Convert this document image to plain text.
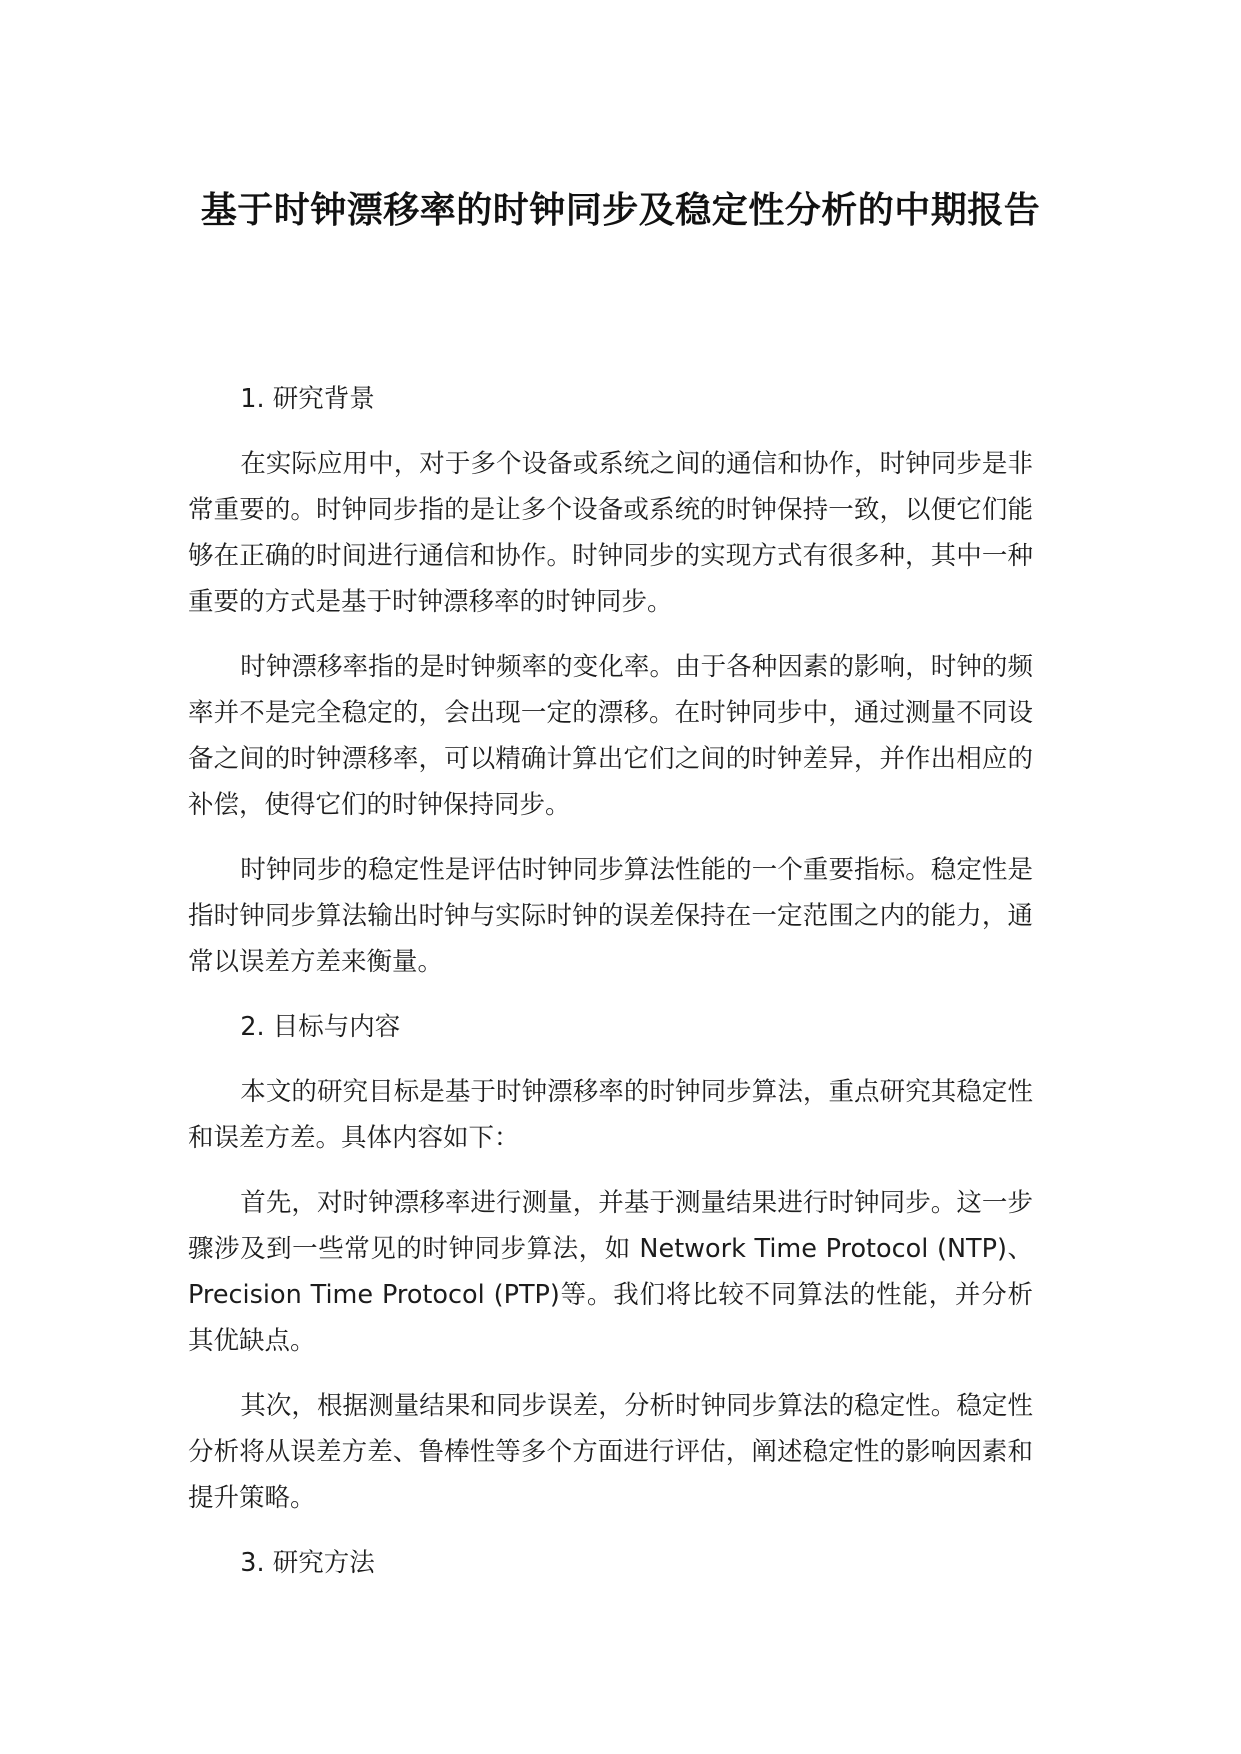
基于时钟漂移率的时钟同步及稳定性分析的中期报告

1. 研究背景

在实际应用中，对于多个设备或系统之间的通信和协作，时钟同步是非常重要的。时钟同步指的是让多个设备或系统的时钟保持一致，以便它们能够在正确的时间进行通信和协作。时钟同步的实现方式有很多种，其中一种重要的方式是基于时钟漂移率的时钟同步。

时钟漂移率指的是时钟频率的变化率。由于各种因素的影响，时钟的频率并不是完全稳定的，会出现一定的漂移。在时钟同步中，通过测量不同设备之间的时钟漂移率，可以精确计算出它们之间的时钟差异，并作出相应的补偿，使得它们的时钟保持同步。

时钟同步的稳定性是评估时钟同步算法性能的一个重要指标。稳定性是指时钟同步算法输出时钟与实际时钟的误差保持在一定范围之内的能力，通常以误差方差来衡量。

2. 目标与内容

本文的研究目标是基于时钟漂移率的时钟同步算法，重点研究其稳定性和误差方差。具体内容如下：

首先，对时钟漂移率进行测量，并基于测量结果进行时钟同步。这一步骤涉及到一些常见的时钟同步算法，如 Network Time Protocol (NTP)、Precision Time Protocol (PTP)等。我们将比较不同算法的性能，并分析其优缺点。

其次，根据测量结果和同步误差，分析时钟同步算法的稳定性。稳定性分析将从误差方差、鲁棒性等多个方面进行评估，阐述稳定性的影响因素和提升策略。

3. 研究方法
